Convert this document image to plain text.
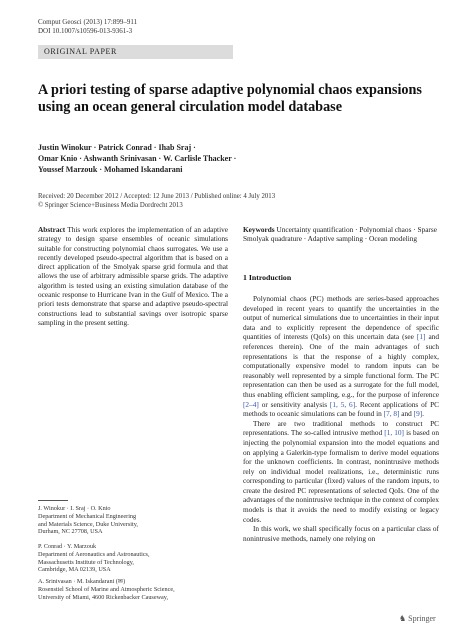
Comput Geosci (2013) 17:899–911
DOI 10.1007/s10596-013-9361-3
ORIGINAL PAPER
A priori testing of sparse adaptive polynomial chaos expansions using an ocean general circulation model database
Justin Winokur · Patrick Conrad · Ihab Sraj ·
Omar Knio · Ashwanth Srinivasan · W. Carlisle Thacker ·
Youssef Marzouk · Mohamed Iskandarani
Received: 20 December 2012 / Accepted: 12 June 2013 / Published online: 4 July 2013
© Springer Science+Business Media Dordrecht 2013
Abstract This work explores the implementation of an adaptive strategy to design sparse ensembles of oceanic simulations suitable for constructing polynomial chaos surrogates. We use a recently developed pseudo-spectral algorithm that is based on a direct application of the Smolyak sparse grid formula and that allows the use of arbitrary admissible sparse grids. The adaptive algorithm is tested using an existing simulation database of the oceanic response to Hurricane Ivan in the Gulf of Mexico. The a priori tests demonstrate that sparse and adaptive pseudo-spectral constructions lead to substantial savings over isotropic sparse sampling in the present setting.
Keywords Uncertainty quantification · Polynomial chaos · Sparse Smolyak quadrature · Adaptive sampling · Ocean modeling
1 Introduction

Polynomial chaos (PC) methods are series-based approaches developed in recent years to quantify the uncertainties in the output of numerical simulations due to uncertainties in their input data and to explicitly represent the dependence of specific quantities of interests (QoIs) on this uncertain data (see [1] and references therein). One of the main advantages of such representations is that the response of a highly complex, computationally expensive model to random inputs can be reasonably well represented by a simple functional form. The PC representation can then be used as a surrogate for the full model, thus enabling efficient sampling, e.g., for the purpose of inference [2–4] or sensitivity analysis [1, 5, 6]. Recent applications of PC methods to oceanic simulations can be found in [7, 8] and [9].

There are two traditional methods to construct PC representations. The so-called intrusive method [1, 10] is based on injecting the polynomial expansion into the model equations and on applying a Galerkin-type formalism to derive model equations for the unknown coefficients. In contrast, nonintrusive methods rely on individual model realizations, i.e., deterministic runs corresponding to particular (fixed) values of the random inputs, to create the desired PC representations of selected QoIs. One of the advantages of the nonintrusive technique in the context of complex models is that it avoids the need to modify existing or legacy codes.

In this work, we shall specifically focus on a particular class of nonintrusive methods, namely one relying on

J. Winokur · I. Sraj · O. Knio
Department of Mechanical Engineering
and Materials Science, Duke University,
Durham, NC 27708, USA
P. Conrad · Y. Marzouk
Department of Aeronautics and Astronautics,
Massachusetts Institute of Technology,
Cambridge, MA 02139, USA
A. Srinivasan · M. Iskandarani (✉)
Rosenstiel School of Marine and Atmospheric Science,
University of Miami, 4600 Rickenbacker Causeway,
♞ Springer
